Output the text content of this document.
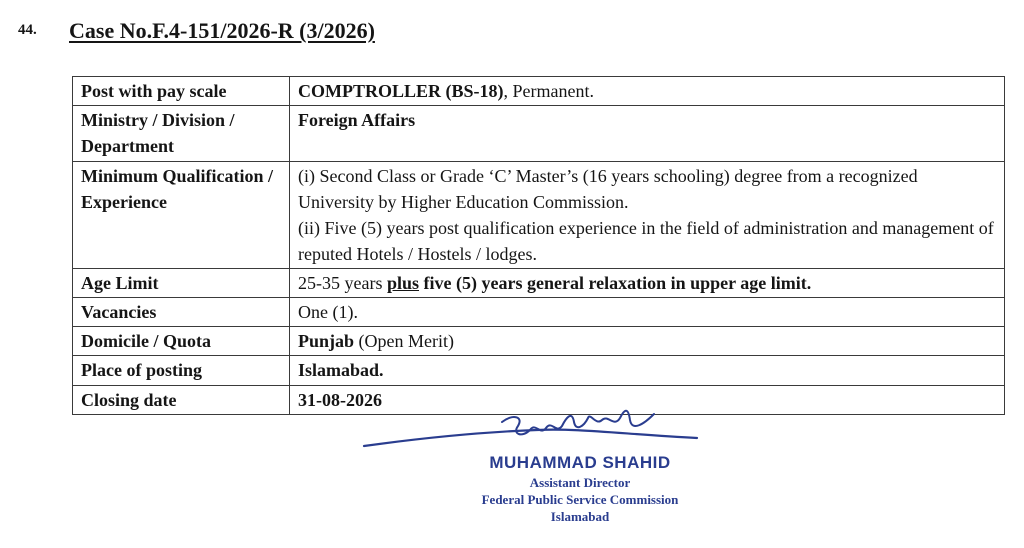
44. Case No.F.4-151/2026-R (3/2026)
Post with pay scale	COMPTROLLER (BS-18), Permanent.
Ministry / Division / Department	Foreign Affairs
Minimum Qualification / Experience	(i) Second Class or Grade ‘C’ Master’s (16 years schooling) degree from a recognized University by Higher Education Commission.
(ii) Five (5) years post qualification experience in the field of administration and management of reputed Hotels / Hostels / lodges.

Age Limit	25-35 years plus five (5) years general relaxation in upper age limit.
Vacancies	One (1).
Domicile / Quota	Punjab (Open Merit)
Place of posting	Islamabad.
Closing date	31-08-2026
MUHAMMAD SHAHID
Assistant Director
Federal Public Service Commission
Islamabad
